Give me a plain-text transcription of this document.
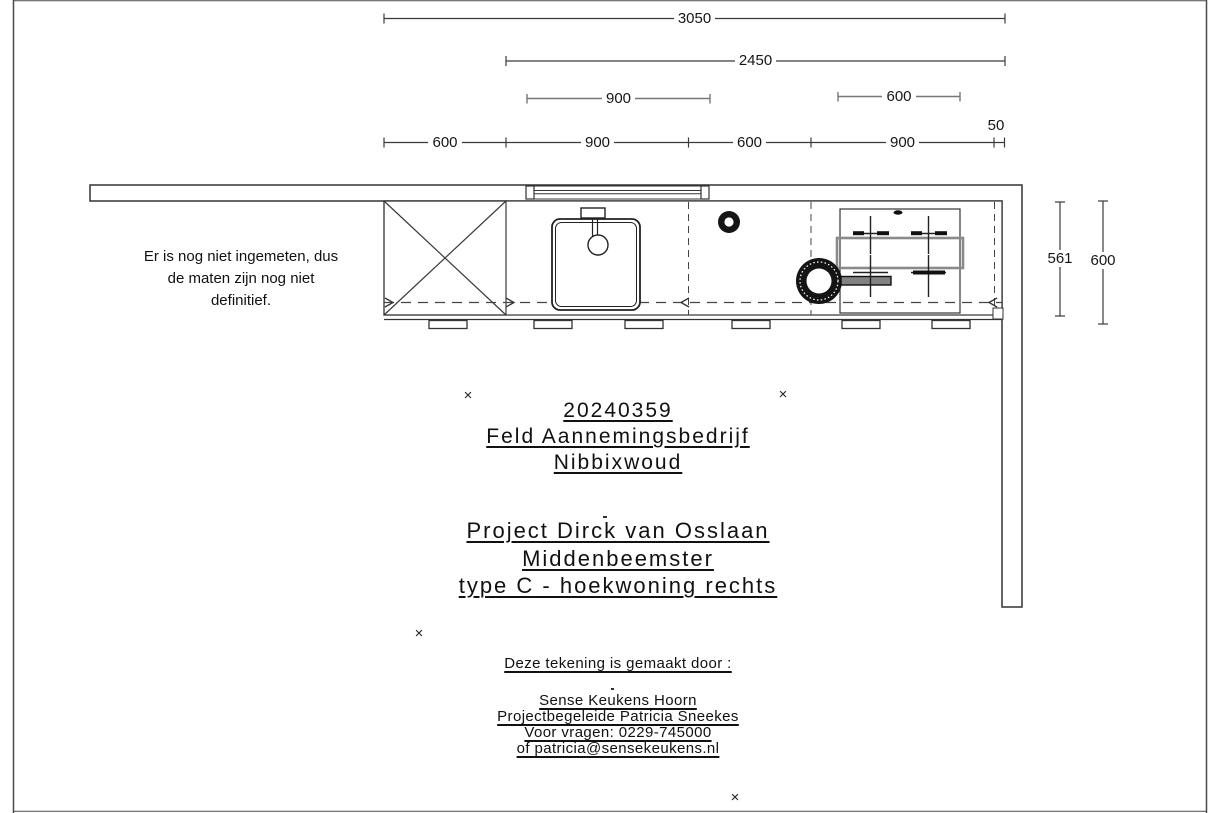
3050
2450
900	600
600	900	600	900
50
561	600
Er is nog niet ingemeten, dus
de maten zijn nog niet
definitief.
20240359
Feld Aannemingsbedrijf
Nibbixwoud
Project Dirck van Osslaan
Middenbeemster
type C - hoekwoning rechts
Deze tekening is gemaakt door :
Sense Keukens Hoorn
Projectbegeleide Patricia Sneekes
Voor vragen: 0229-745000
of patricia@sensekeukens.nl
×	×
×
×
